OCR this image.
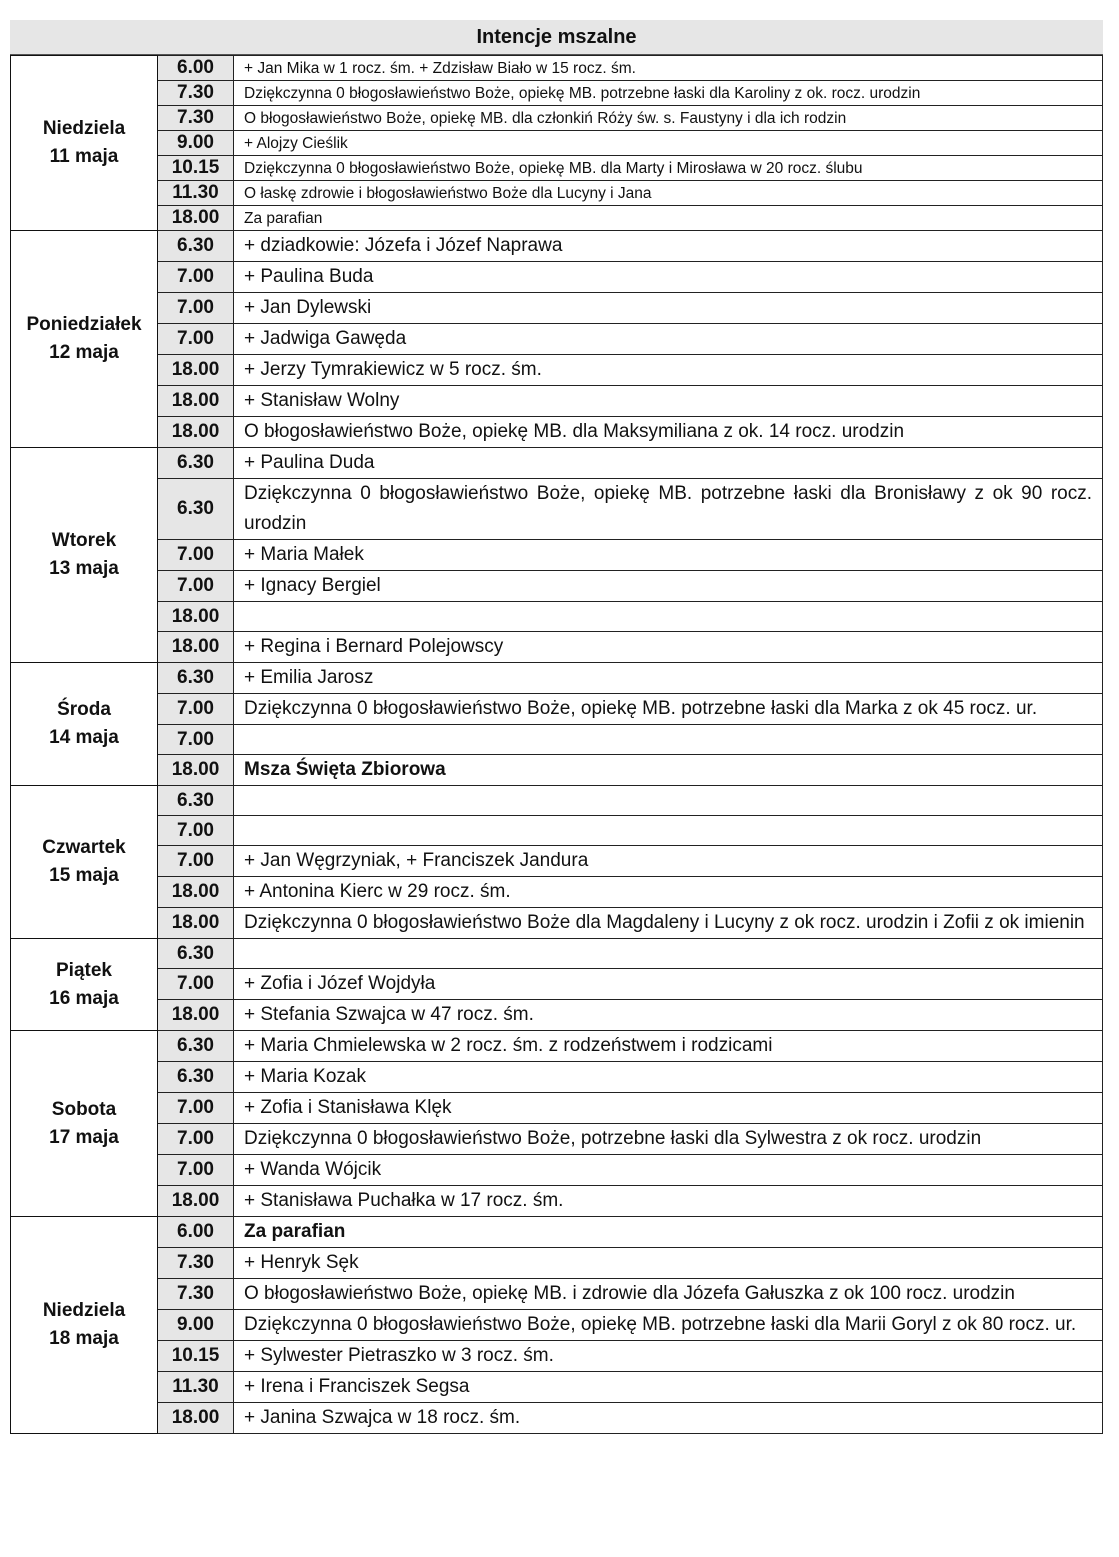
Intencje mszalne
Niedziela
11 maja	6.00	+ Jan Mika w 1 rocz. śm. + Zdzisław Biało w 15 rocz. śm.
	7.30	Dziękczynna 0 błogosławieństwo Boże, opiekę MB. potrzebne łaski dla Karoliny z ok. rocz. urodzin
	7.30	O błogosławieństwo Boże, opiekę MB. dla członkiń Róży św. s. Faustyny i dla ich rodzin
	9.00	+ Alojzy Cieślik
	10.15	Dziękczynna 0 błogosławieństwo Boże, opiekę MB. dla Marty i Mirosława w 20 rocz. ślubu
	11.30	O łaskę zdrowie i błogosławieństwo Boże dla Lucyny i Jana
	18.00	Za parafian

Poniedziałek
12 maja	6.30	+ dziadkowie: Józefa i Józef Naprawa
	7.00	+ Paulina Buda
	7.00	+ Jan Dylewski
	7.00	+ Jadwiga Gawęda
	18.00	+ Jerzy Tymrakiewicz w 5 rocz. śm.
	18.00	+ Stanisław Wolny
	18.00	O błogosławieństwo Boże, opiekę MB. dla Maksymiliana z ok. 14 rocz. urodzin

Wtorek
13 maja	6.30	+ Paulina Duda
	6.30	Dziękczynna 0 błogosławieństwo Boże, opiekę MB. potrzebne łaski dla Bronisławy z ok 90 rocz. urodzin
	7.00	+ Maria Małek
	7.00	+ Ignacy Bergiel
	18.00	
	18.00	+ Regina i Bernard Polejowscy

Środa
14 maja	6.30	+ Emilia Jarosz
	7.00	Dziękczynna 0 błogosławieństwo Boże, opiekę MB. potrzebne łaski dla Marka z ok 45 rocz. ur.
	7.00	
	18.00	Msza Święta Zbiorowa

Czwartek
15 maja	6.30	
	7.00	
	7.00	+ Jan Węgrzyniak, + Franciszek Jandura
	18.00	+ Antonina Kierc w 29 rocz. śm.
	18.00	Dziękczynna 0 błogosławieństwo Boże dla Magdaleny i Lucyny z ok rocz. urodzin i Zofii z ok imienin

Piątek
16 maja	6.30	
	7.00	+ Zofia i Józef Wojdyła
	18.00	+ Stefania Szwajca w 47 rocz. śm.

Sobota
17 maja	6.30	+ Maria Chmielewska w 2 rocz. śm. z rodzeństwem i rodzicami
	6.30	+ Maria Kozak
	7.00	+ Zofia i Stanisława Klęk
	7.00	Dziękczynna 0 błogosławieństwo Boże, potrzebne łaski dla Sylwestra z ok rocz. urodzin
	7.00	+ Wanda Wójcik
	18.00	+ Stanisława Puchałka w 17 rocz. śm.

Niedziela
18 maja	6.00	Za parafian
	7.30	+ Henryk Sęk
	7.30	O błogosławieństwo Boże, opiekę MB. i zdrowie dla Józefa Gałuszka z ok 100 rocz. urodzin
	9.00	Dziękczynna 0 błogosławieństwo Boże, opiekę MB. potrzebne łaski dla Marii Goryl z ok 80 rocz. ur.
	10.15	+ Sylwester Pietraszko w 3 rocz. śm.
	11.30	+ Irena i Franciszek Segsa
	18.00	+ Janina Szwajca w 18 rocz. śm.
